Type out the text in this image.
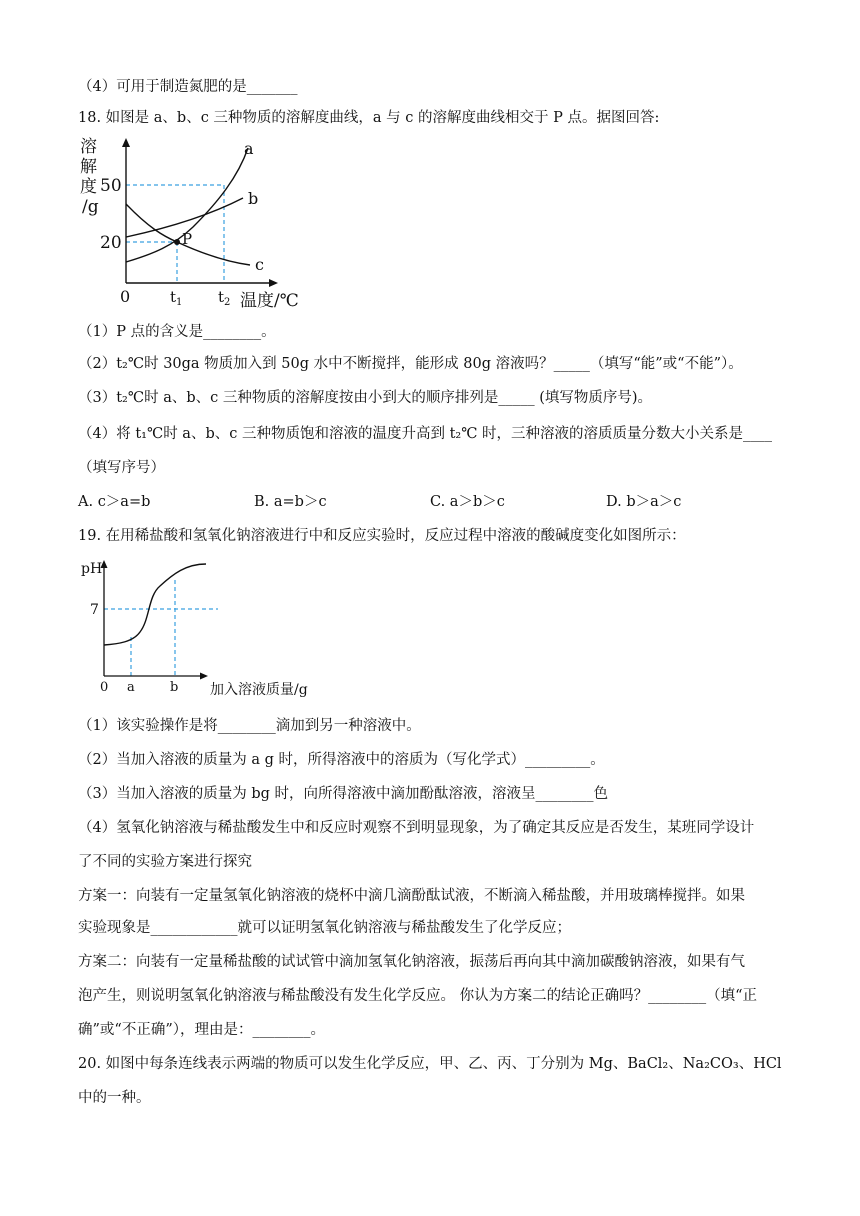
（4）可用于制造氮肥的是_______
18. 如图是 a、b、c 三种物质的溶解度曲线，a 与 c 的溶解度曲线相交于 P 点。据图回答:
溶
解
度
/g
50
20
0	$t_1$ $t_2$ 温度/℃
P
a
b
c
（1）P 点的含义是________。
（2）t₂℃时 30ga 物质加入到 50g 水中不断搅拌，能形成 80g 溶液吗？_____（填写“能”或“不能”）。
（3）t₂℃时 a、b、c 三种物质的溶解度按由小到大的顺序排列是_____ (填写物质序号)。
（4）将 t₁℃时 a、b、c 三种物质饱和溶液的温度升高到 t₂℃ 时，三种溶液的溶质质量分数大小关系是____
（填写序号）
A. c＞a=b	B. a=b＞c	C. a＞b＞c	D. b＞a＞c
19. 在用稀盐酸和氢氧化钠溶液进行中和反应实验时，反应过程中溶液的酸碱度变化如图所示：
pH
7
0 a	b 加入溶液质量/g
（1）该实验操作是将________滴加到另一种溶液中。
（2）当加入溶液的质量为 a g 时，所得溶液中的溶质为（写化学式）_________。
（3）当加入溶液的质量为 bg 时，向所得溶液中滴加酚酞溶液，溶液呈________色
（4）氢氧化钠溶液与稀盐酸发生中和反应时观察不到明显现象，为了确定其反应是否发生，某班同学设计
了不同的实验方案进行探究
方案一：向装有一定量氢氧化钠溶液的烧杯中滴几滴酚酞试液，不断滴入稀盐酸，并用玻璃棒搅拌。如果
实验现象是____________就可以证明氢氧化钠溶液与稀盐酸发生了化学反应；
方案二：向装有一定量稀盐酸的试试管中滴加氢氧化钠溶液，振荡后再向其中滴加碳酸钠溶液，如果有气
泡产生，则说明氢氧化钠溶液与稀盐酸没有发生化学反应。 你认为方案二的结论正确吗？________（填“正
确”或“不正确”），理由是：________。
20. 如图中每条连线表示两端的物质可以发生化学反应，甲、乙、丙、丁分别为 Mg、BaCl₂、Na₂CO₃、HCl
中的一种。
